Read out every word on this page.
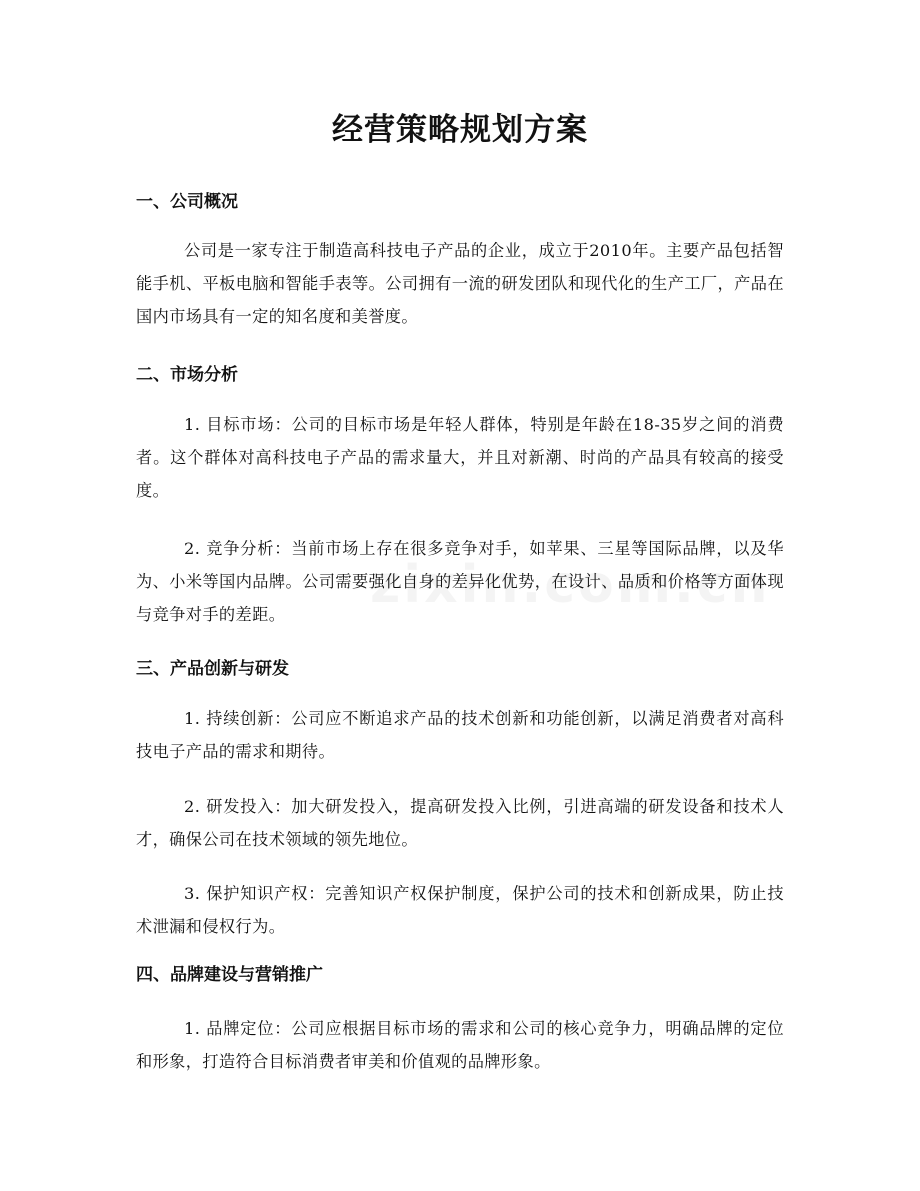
经营策略规划方案
一、公司概况

公司是一家专注于制造高科技电子产品的企业，成立于2010年。主要产品包括智能手机、平板电脑和智能手表等。公司拥有一流的研发团队和现代化的生产工厂，产品在国内市场具有一定的知名度和美誉度。

二、市场分析

1. 目标市场：公司的目标市场是年轻人群体，特别是年龄在18-35岁之间的消费者。这个群体对高科技电子产品的需求量大，并且对新潮、时尚的产品具有较高的接受度。

2. 竞争分析：当前市场上存在很多竞争对手，如苹果、三星等国际品牌，以及华为、小米等国内品牌。公司需要强化自身的差异化优势，在设计、品质和价格等方面体现与竞争对手的差距。

三、产品创新与研发

1. 持续创新：公司应不断追求产品的技术创新和功能创新，以满足消费者对高科技电子产品的需求和期待。

2. 研发投入：加大研发投入，提高研发投入比例，引进高端的研发设备和技术人才，确保公司在技术领域的领先地位。

3. 保护知识产权：完善知识产权保护制度，保护公司的技术和创新成果，防止技术泄漏和侵权行为。

四、品牌建设与营销推广

1. 品牌定位：公司应根据目标市场的需求和公司的核心竞争力，明确品牌的定位和形象，打造符合目标消费者审美和价值观的品牌形象。
